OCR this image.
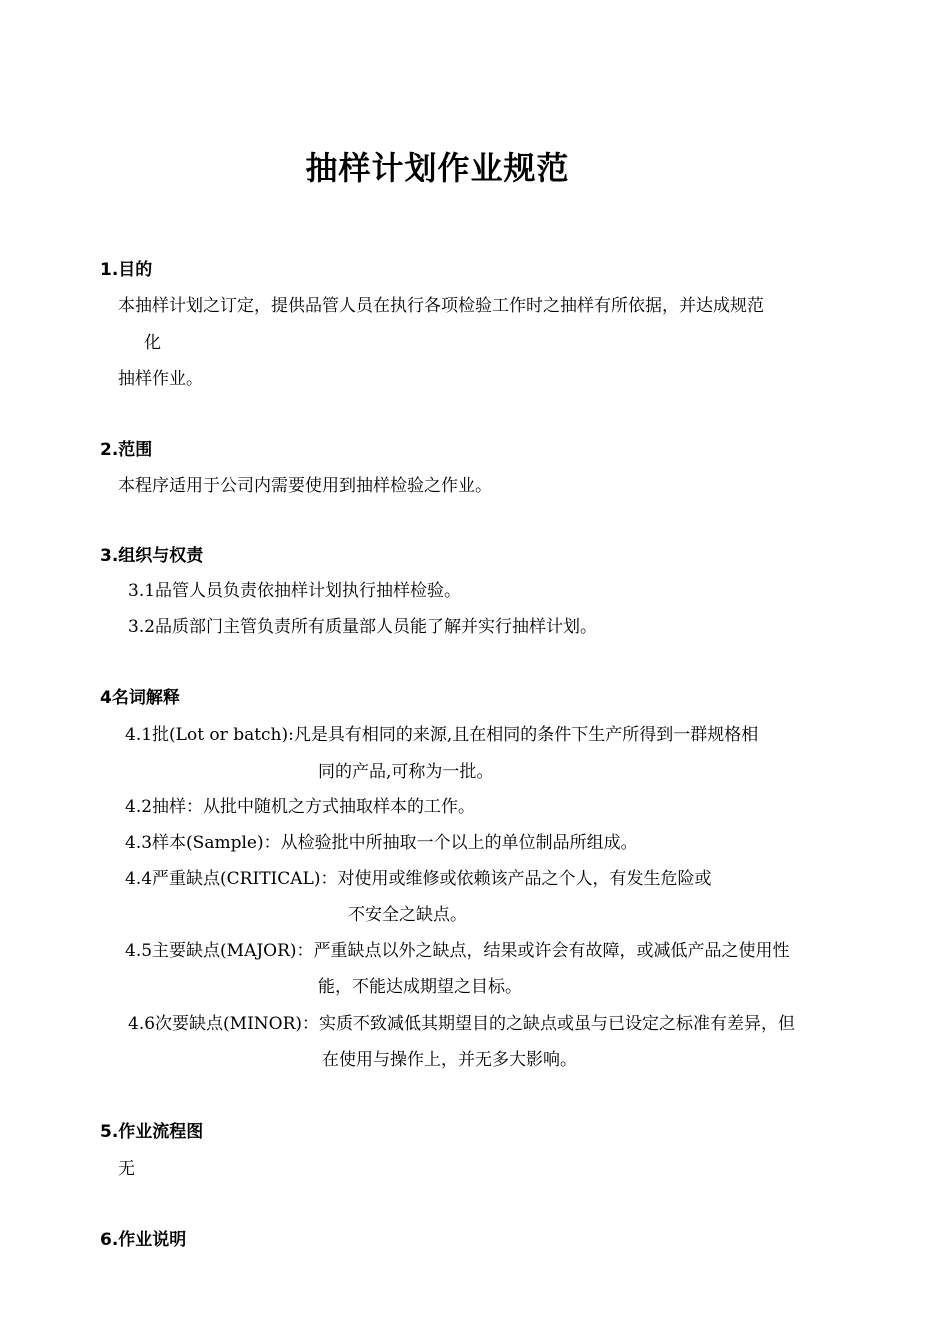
抽样计划作业规范
1.目的
本抽样计划之订定，提供品管人员在执行各项检验工作时之抽样有所依据，并达成规范
化
抽样作业。
2.范围
本程序适用于公司内需要使用到抽样检验之作业。
3.组织与权责
3.1品管人员负责依抽样计划执行抽样检验。
3.2品质部门主管负责所有质量部人员能了解并实行抽样计划。
4名词解释
4.1批(Lot or batch):凡是具有相同的来源,且在相同的条件下生产所得到一群规格相
同的产品,可称为一批。
4.2抽样：从批中随机之方式抽取样本的工作。
4.3样本(Sample)：从检验批中所抽取一个以上的单位制品所组成。
4.4严重缺点(CRITICAL)：对使用或维修或依赖该产品之个人，有发生危险或
不安全之缺点。
4.5主要缺点(MAJOR)：严重缺点以外之缺点，结果或许会有故障，或减低产品之使用性
能，不能达成期望之目标。
4.6次要缺点(MINOR)：实质不致减低其期望目的之缺点或虽与已设定之标准有差异，但
在使用与操作上，并无多大影响。
5.作业流程图
无
6.作业说明
